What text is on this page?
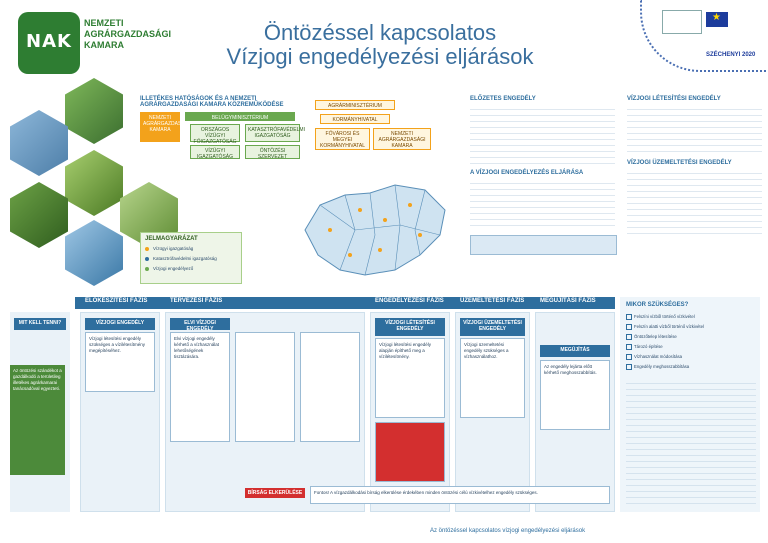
NAK
NEMZETI
AGRÁRGAZDASÁGI
KAMARA	Öntözéssel kapcsolatos
Vízjogi engedélyezési eljárások
★	SZÉCHENYI 2020
ILLETÉKES HATÓSÁGOK ÉS A NEMZETI AGRÁRGAZDASÁGI KAMARA KÖZREMŰKÖDÉSE
BELÜGYMINISZTÉRIUM
ORSZÁGOS VÍZÜGYI FŐIGAZGATÓSÁG
KATASZTRÓFAVÉDELMI IGAZGATÓSÁG
VÍZÜGYI IGAZGATÓSÁG
NEMZETI AGRÁRGAZDASÁGI KAMARA
ÖNTÖZÉSI SZERVEZET
AGRÁRMINISZTÉRIUM
KORMÁNYHIVATAL
FŐVÁROSI ÉS MEGYEI KORMÁNYHIVATAL
NEMZETI AGRÁRGAZDASÁGI KAMARA
JELMAGYARÁZAT
Vízügyi igazgatóság
Katasztrófavédelmi igazgatóság
Vízjogi engedélyező
ELŐZETES ENGEDÉLY
A VÍZJOGI ENGEDÉLYEZÉS ELJÁRÁSA
VÍZJOGI LÉTESÍTÉSI ENGEDÉLY
VÍZJOGI ÜZEMELTETÉSI ENGEDÉLY
ELŐKÉSZÍTÉSI FÁZIS	TERVEZÉSI FÁZIS	ENGEDÉLYEZÉSI FÁZIS	ÜZEMELTETÉSI FÁZIS	MEGÚJÍTÁSI FÁZIS
MIT KELL TENNI?
Az öntözési szándékot a gazdálkodó a területileg illetékes agrárkamarai tanácsadóval egyezteti.
VÍZJOGI ENGEDÉLY
Vízjogi létesítési engedély szükséges a vízilétesítmény megépítéséhez.
ELVI VÍZJOGI ENGEDÉLY
Elvi vízjogi engedély kérhető a vízhasználat lehetőségének tisztázására.
VÍZJOGI LÉTESÍTÉSI ENGEDÉLY
Vízjogi létesítési engedély alapján építhető meg a vízilétesítmény.
VÍZJOGI ÜZEMELTETÉSI ENGEDÉLY
Vízjogi üzemeltetési engedély szükséges a vízhasználathoz.
MEGÚJÍTÁS
Az engedély lejárta előtt kérhető meghosszabbítás.
BÍRSÁG ELKERÜLÉSE	Fontos! A vízgazdálkodási bírság elkerülése érdekében minden öntözési célú vízkivételhez engedély szükséges.
MIKOR SZÜKSÉGES?
Felszíni vízből történő vízkivétel
Felszín alatti vízből történő vízkivétel
Öntözőtelep létesítése
Tározó építése
Vízhasználat módosítása
Engedély meghosszabbítása
Az öntözéssel kapcsolatos vízjogi engedélyezési eljárások
